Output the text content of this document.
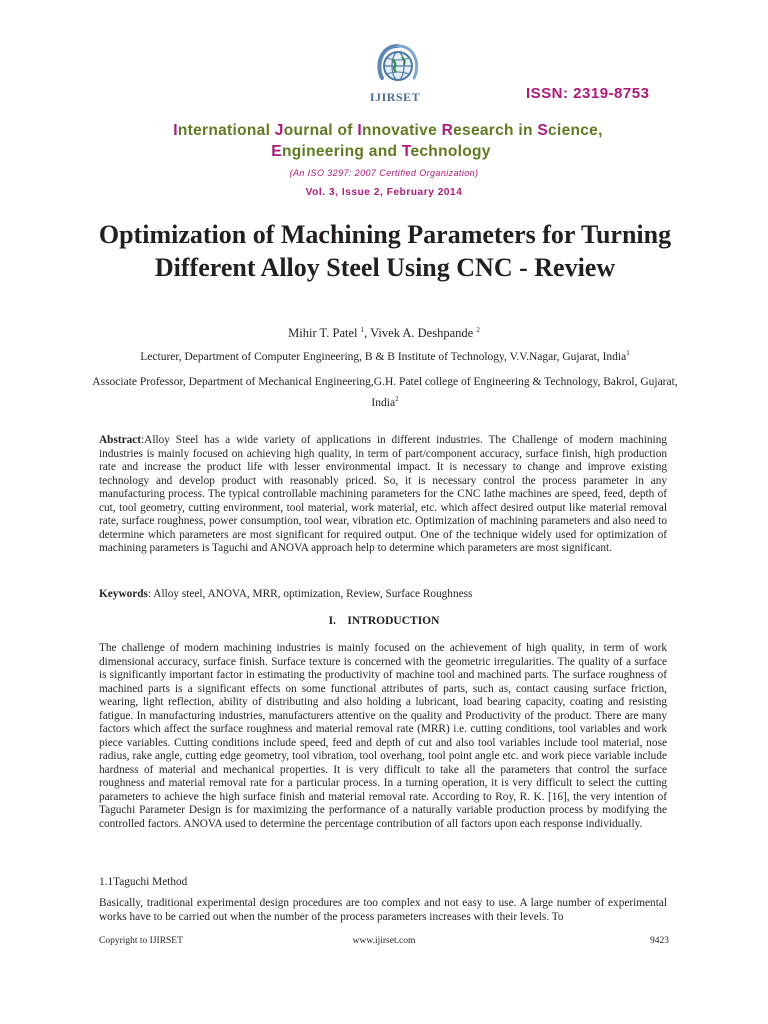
IJIRSET	ISSN: 2319-8753
International Journal of Innovative Research in Science,
Engineering and Technology
(An ISO 3297: 2007 Certified Organization)
Vol. 3, Issue 2, February 2014
Optimization of Machining Parameters for Turning Different Alloy Steel Using CNC - Review
Mihir T. Patel $^1$, Vivek A. Deshpande $^2$
Lecturer, Department of Computer Engineering, B & B Institute of Technology, V.V.Nagar, Gujarat, India$^1$
Associate Professor, Department of Mechanical Engineering,G.H. Patel college of Engineering & Technology, Bakrol, Gujarat, India$^2$
Abstract:Alloy Steel has a wide variety of applications in different industries. The Challenge of modern machining industries is mainly focused on achieving high quality, in term of part/component accuracy, surface finish, high production rate and increase the product life with lesser environmental impact. It is necessary to change and improve existing technology and develop product with reasonably priced. So, it is necessary control the process parameter in any manufacturing process. The typical controllable machining parameters for the CNC lathe machines are speed, feed, depth of cut, tool geometry, cutting environment, tool material, work material, etc. which affect desired output like material removal rate, surface roughness, power consumption, tool wear, vibration etc. Optimization of machining parameters and also need to determine which parameters are most significant for required output. One of the technique widely used for optimization of machining parameters is Taguchi and ANOVA approach help to determine which parameters are most significant.
Keywords: Alloy steel, ANOVA, MRR, optimization, Review, Surface Roughness
I.    INTRODUCTION
The challenge of modern machining industries is mainly focused on the achievement of high quality, in term of work dimensional accuracy, surface finish. Surface texture is concerned with the geometric irregularities. The quality of a surface is significantly important factor in estimating the productivity of machine tool and machined parts. The surface roughness of machined parts is a significant effects on some functional attributes of parts, such as, contact causing surface friction, wearing, light reflection, ability of distributing and also holding a lubricant, load bearing capacity, coating and resisting fatigue. In manufacturing industries, manufacturers attentive on the quality and Productivity of the product. There are many factors which affect the surface roughness and material removal rate (MRR) i.e. cutting conditions, tool variables and work piece variables. Cutting conditions include speed, feed and depth of cut and also tool variables include tool material, nose radius, rake angle, cutting edge geometry, tool vibration, tool overhang, tool point angle etc. and work piece variable include hardness of material and mechanical properties. It is very difficult to take all the parameters that control the surface roughness and material removal rate for a particular process. In a turning operation, it is very difficult to select the cutting parameters to achieve the high surface finish and material removal rate. According to Roy, R. K. [16], the very intention of Taguchi Parameter Design is for maximizing the performance of a naturally variable production process by modifying the controlled factors. ANOVA used to determine the percentage contribution of all factors upon each response individually.
1.1Taguchi Method
Basically, traditional experimental design procedures are too complex and not easy to use. A large number of experimental works have to be carried out when the number of the process parameters increases with their levels. To
Copyright to IJIRSET	www.ijirset.com	9423
